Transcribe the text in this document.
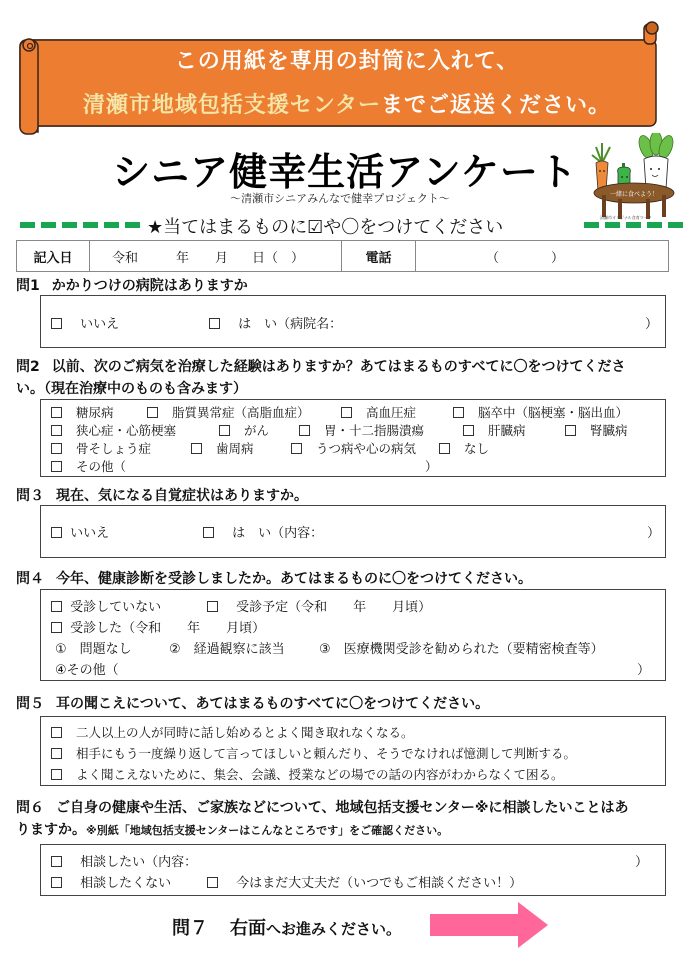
この用紙を専用の封筒に入れて、
清瀬市地域包括支援センターまでご返送ください。
シニア健幸生活アンケート
～清瀬市シニアみんなで健幸プロジェクト～	一緒に食べよう！
清瀬市オリジナル食育マーク
★当てはまるものに☑や〇をつけてください
記入日	令和	年 月 日（　）	電話	（　　　　）
問1 かかりつけの病院はありますか
いいえ	は　い（病院名：	）
問2 以前、次のご病気を治療した経験はありますか？あてはまるものすべてに〇をつけてくださ
い。（現在治療中のものも含みます）
糖尿病	脂質異常症（高脂血症）	高血圧症	脳卒中（脳梗塞・脳出血）
狭心症・心筋梗塞	がん	胃・十二指腸潰瘍	肝臓病	腎臓病
骨そしょう症	歯周病	うつ病や心の病気	なし
その他（	）
問３ 現在、気になる自覚症状はありますか。
いいえ	は　い（内容：	）
問４ 今年、健康診断を受診しましたか。あてはまるものに〇をつけてください。
受診していない	受診予定（令和　　年　　月頃）
受診した（令和　　年　　月頃）
①　問題なし	②　経過観察に該当	③　医療機関受診を勧められた（要精密検査等）
④その他（	）
問５ 耳の聞こえについて、あてはまるものすべてに〇をつけてください。
二人以上の人が同時に話し始めるとよく聞き取れなくなる。
相手にもう一度繰り返して言ってほしいと頼んだり、そうでなければ憶測して判断する。
よく聞こえないために、集会、会議、授業などの場での話の内容がわからなくて困る。
問６ ご自身の健康や生活、ご家族などについて、地域包括支援センター※に相談したいことはあ
りますか。※別紙「地域包括支援センターはこんなところです」をご確認ください。
相談したい（内容：	）
相談したくない	今はまだ大丈夫だ（いつでもご相談ください！）
問７ 右面へお進みください。
